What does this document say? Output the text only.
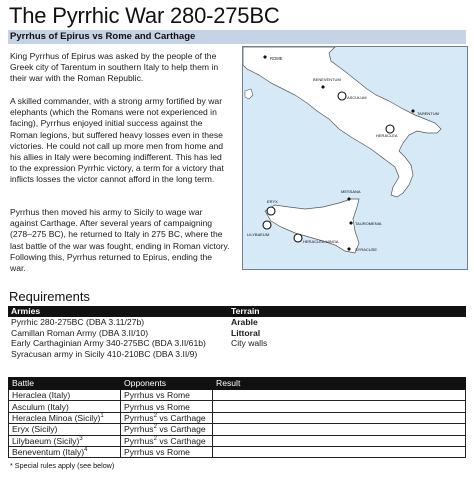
The Pyrrhic War 280-275BC
Pyrrhus of Epirus vs Rome and Carthage

King Pyrrhus of Epirus was asked by the people of the Greek city of Tarentum in southern Italy to help them in their war with the Roman Republic.

A skilled commander, with a strong army fortified by war elephants (which the Romans were not experienced in facing), Pyrrhus enjoyed initial success against the Roman legions, but suffered heavy losses even in these victories. He could not call up more men from home and his allies in Italy were becoming indifferent. This has led to the expression Pyrrhic victory, a term for a victory that inflicts losses the victor cannot afford in the long term.

Pyrrhus then moved his army to Sicily to wage war against Carthage. After several years of campaigning (278–275 BC), he returned to Italy in 275 BC, where the last battle of the war was fought, ending in Roman victory. Following this, Pyrrhus returned to Epirus, ending the war.

ROME
BENEVENTUM
ASCULUM
TARENTUM
HERACLEA
ERYX
LILYBAEUM
MESSANA
TAUROMENIA
HERACLEA MINOA
SYRACUSE
Requirements
Armies	Terrain
Pyrrhic 280-275BC (DBA 3.11/27b)	Arable
Camillan Roman Army (DBA 3.II/10)	Littoral
Early Carthaginian Army 340-275BC (BDA 3.II/61b)	City walls
Syracusan army in Sicily 410-210BC (DBA 3.II/9)	
Battle	Opponents	Result
Heraclea (Italy)	Pyrrhus vs Rome	
Asculum (Italy)	Pyrrhus vs Rome	
Heraclea Minoa (Sicily)$^1$	Pyrrhus$^2$ vs Carthage	
Eryx (Sicily)	Pyrrhus$^2$ vs Carthage	
Lilybaeum (Sicily)$^3$	Pyrrhus$^2$ vs Carthage	
Beneventum (Italy)$^4$	Pyrrhus vs Rome	
* Special rules apply (see below)
